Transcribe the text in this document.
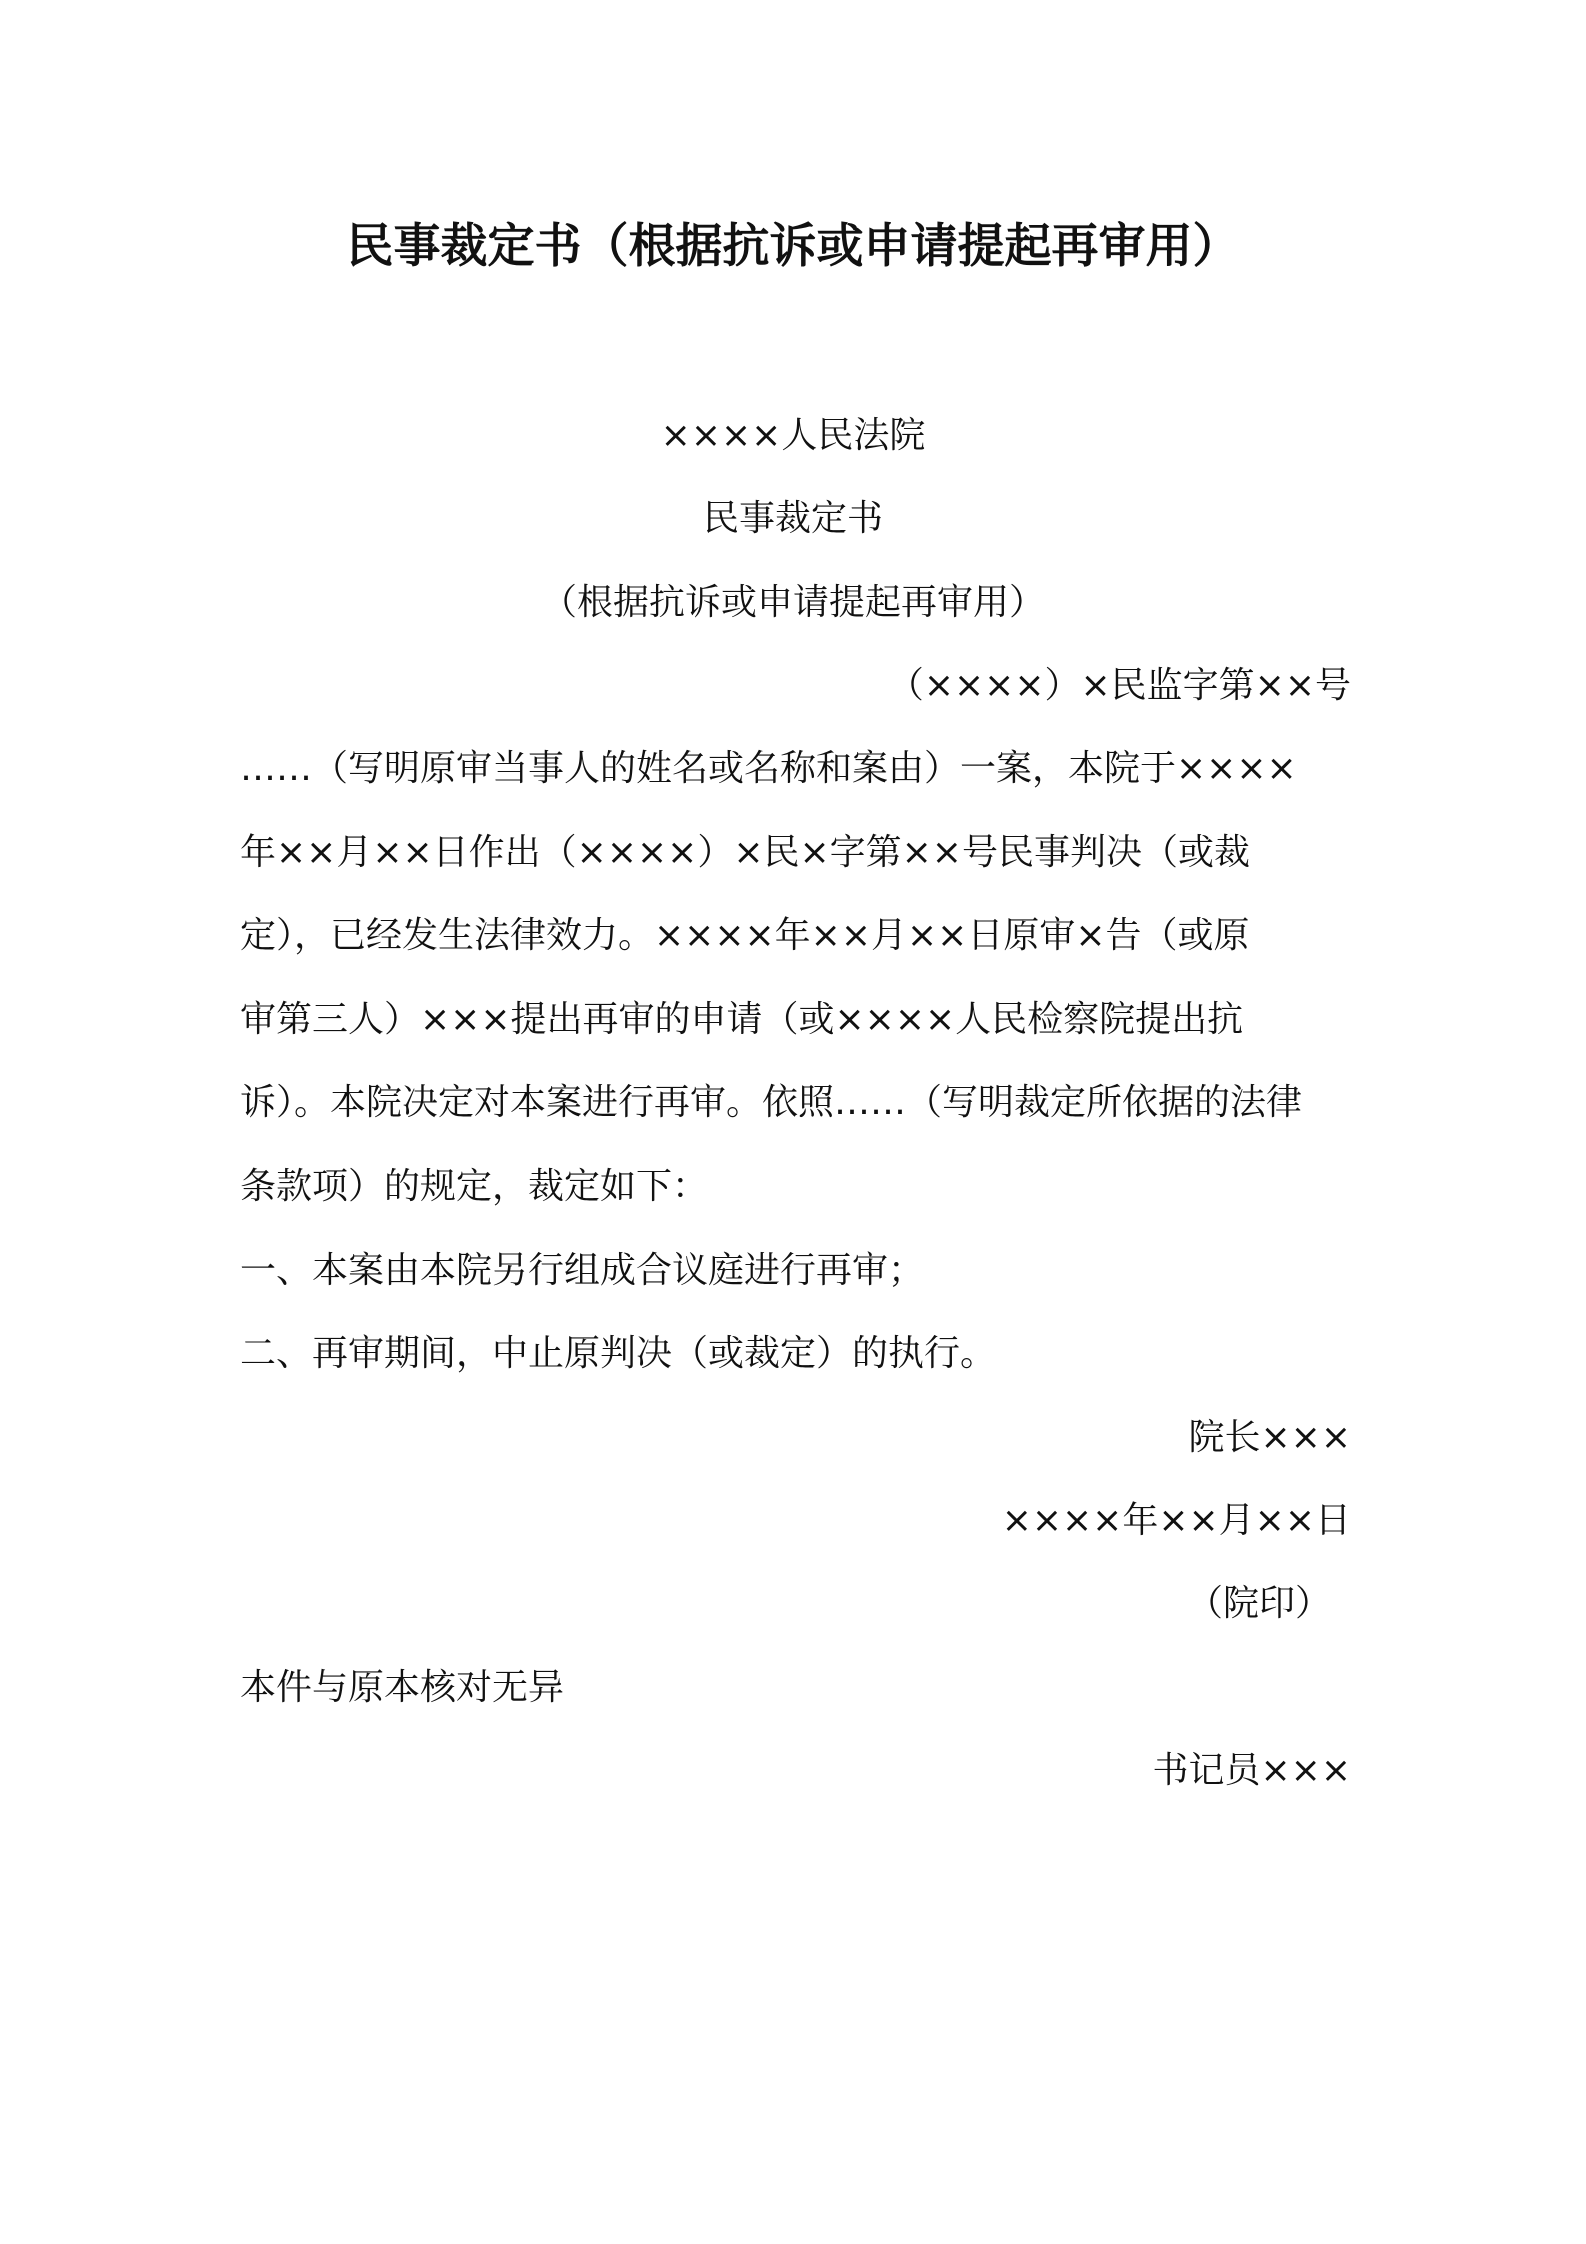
民事裁定书（根据抗诉或申请提起再审用）
××××人民法院
民事裁定书
（根据抗诉或申请提起再审用）
（××××）×民监字第××号

……（写明原审当事人的姓名或名称和案由）一案，本院于××××

年××月××日作出（××××）×民×字第××号民事判决（或裁

定），已经发生法律效力。××××年××月××日原审×告（或原

审第三人）×××提出再审的申请（或××××人民检察院提出抗

诉）。本院决定对本案进行再审。依照……（写明裁定所依据的法律

条款项）的规定，裁定如下：

一、本案由本院另行组成合议庭进行再审；

二、再审期间，中止原判决（或裁定）的执行。

院长×××
××××年××月××日
（院印）
本件与原本核对无异
书记员×××
